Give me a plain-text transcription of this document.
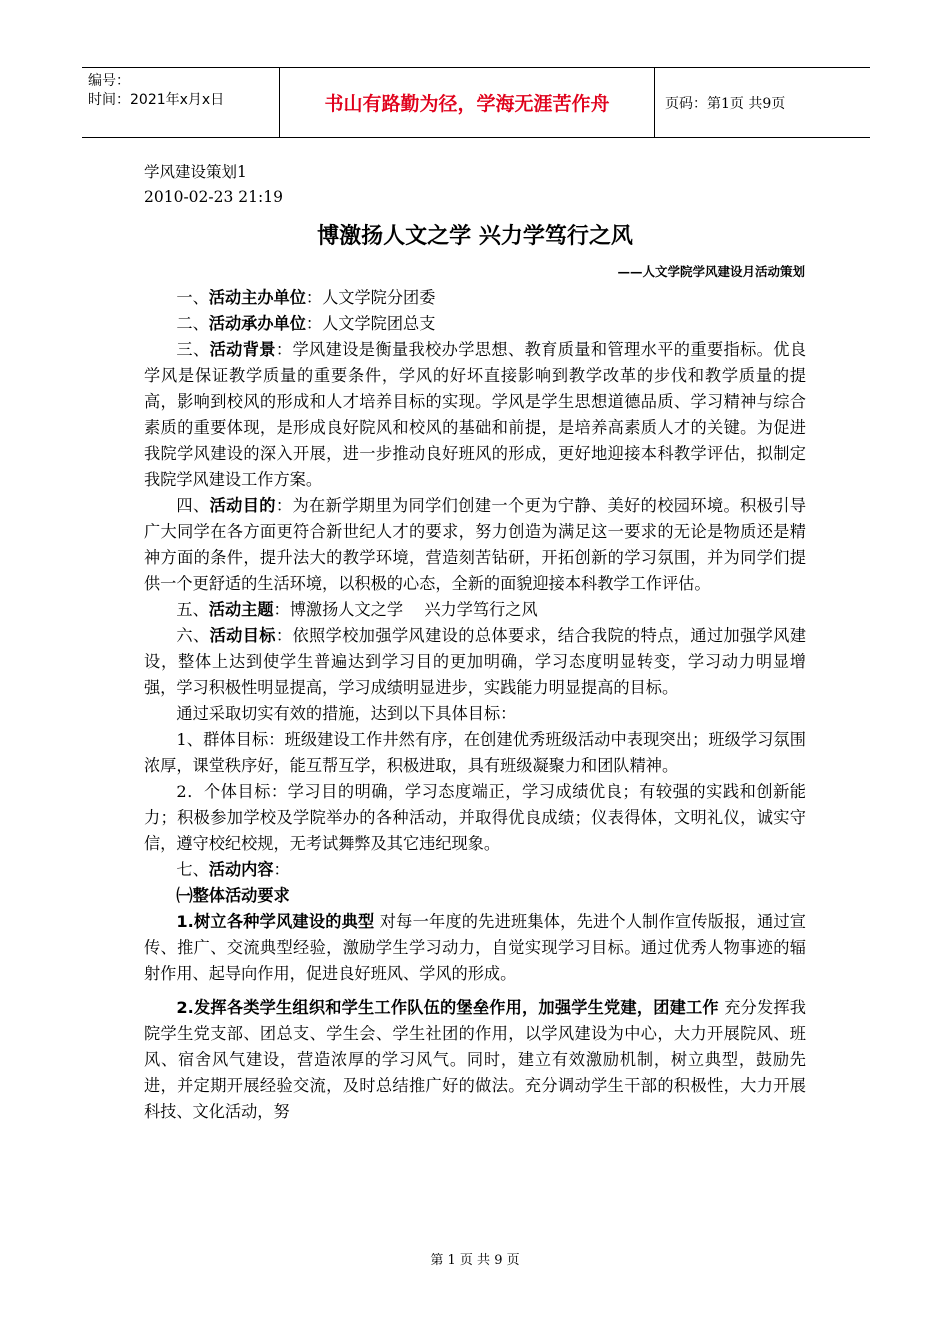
编号：
时间：2021年x月x日	书山有路勤为径，学海无涯苦作舟	页码：第1页 共9页
学风建设策划1
2010-02-23 21:19
博激扬人文之学 兴力学笃行之风
——人文学院学风建设月活动策划

一、活动主办单位：人文学院分团委

二、活动承办单位：人文学院团总支

三、活动背景：学风建设是衡量我校办学思想、教育质量和管理水平的重要指标。优良学风是保证教学质量的重要条件，学风的好坏直接影响到教学改革的步伐和教学质量的提高，影响到校风的形成和人才培养目标的实现。学风是学生思想道德品质、学习精神与综合素质的重要体现，是形成良好院风和校风的基础和前提，是培养高素质人才的关键。为促进我院学风建设的深入开展，进一步推动良好班风的形成，更好地迎接本科教学评估，拟制定我院学风建设工作方案。

四、活动目的：为在新学期里为同学们创建一个更为宁静、美好的校园环境。积极引导广大同学在各方面更符合新世纪人才的要求，努力创造为满足这一要求的无论是物质还是精神方面的条件，提升法大的教学环境，营造刻苦钻研，开拓创新的学习氛围，并为同学们提供一个更舒适的生活环境，以积极的心态，全新的面貌迎接本科教学工作评估。

五、活动主题：博激扬人文之学　 兴力学笃行之风

六、活动目标：依照学校加强学风建设的总体要求，结合我院的特点，通过加强学风建设，整体上达到使学生普遍达到学习目的更加明确，学习态度明显转变，学习动力明显增强，学习积极性明显提高，学习成绩明显进步，实践能力明显提高的目标。

通过采取切实有效的措施，达到以下具体目标：

1、群体目标：班级建设工作井然有序，在创建优秀班级活动中表现突出；班级学习氛围浓厚，课堂秩序好，能互帮互学，积极进取，具有班级凝聚力和团队精神。

2．个体目标：学习目的明确，学习态度端正，学习成绩优良；有较强的实践和创新能力；积极参加学校及学院举办的各种活动，并取得优良成绩；仪表得体，文明礼仪，诚实守信，遵守校纪校规，无考试舞弊及其它违纪现象。

七、活动内容：

㈠整体活动要求

1.树立各种学风建设的典型 对每一年度的先进班集体，先进个人制作宣传版报，通过宣传、推广、交流典型经验，激励学生学习动力，自觉实现学习目标。通过优秀人物事迹的辐射作用、起导向作用，促进良好班风、学风的形成。

2.发挥各类学生组织和学生工作队伍的堡垒作用，加强学生党建，团建工作 充分发挥我院学生党支部、团总支、学生会、学生社团的作用，以学风建设为中心，大力开展院风、班风、宿舍风气建设，营造浓厚的学习风气。同时，建立有效激励机制，树立典型，鼓励先进，并定期开展经验交流，及时总结推广好的做法。充分调动学生干部的积极性，大力开展科技、文化活动，努

第 1 页 共 9 页
